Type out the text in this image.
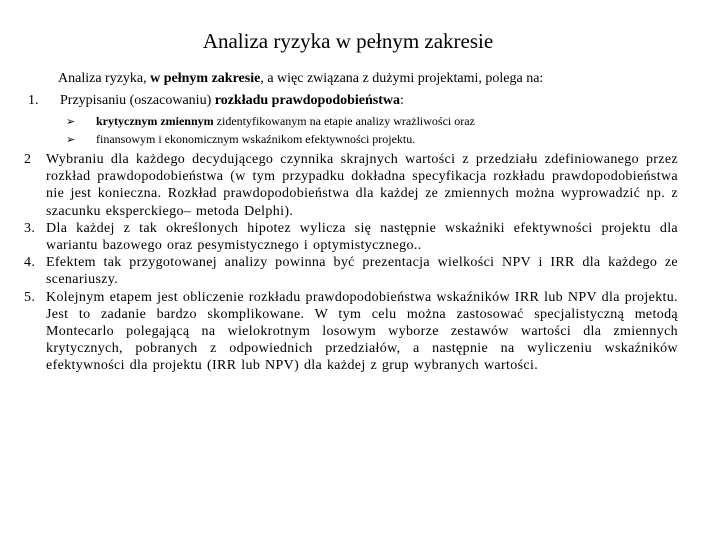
Analiza ryzyka w pełnym zakresie
Analiza ryzyka, w pełnym zakresie, a więc związana z dużymi projektami, polega na:
1. Przypisaniu (oszacowaniu) rozkładu prawdopodobieństwa:
➢ krytycznym zmiennym zidentyfikowanym na etapie analizy wrażliwości oraz
➢ finansowym i ekonomicznym wskaźnikom efektywności projektu.
2 Wybraniu dla każdego decydującego czynnika skrajnych wartości z przedziału zdefiniowanego przez rozkład prawdopodobieństwa (w tym przypadku dokładna specyfikacja rozkładu prawdopodobieństwa nie jest konieczna. Rozkład prawdopodobieństwa dla każdej ze zmiennych można wyprowadzić np. z szacunku eksperckiego– metoda Delphi).
3. Dla każdej z tak określonych hipotez wylicza się następnie wskaźniki efektywności projektu dla wariantu bazowego oraz pesymistycznego i optymistycznego..
4. Efektem tak przygotowanej analizy powinna być prezentacja wielkości NPV i IRR dla każdego ze scenariuszy.
5. Kolejnym etapem jest obliczenie rozkładu prawdopodobieństwa wskaźników IRR lub NPV dla projektu. Jest to zadanie bardzo skomplikowane. W tym celu można zastosować specjalistyczną metodą Montecarlo polegającą na wielokrotnym losowym wyborze zestawów wartości dla zmiennych krytycznych, pobranych z odpowiednich przedziałów, a następnie na wyliczeniu wskaźników efektywności dla projektu (IRR lub NPV) dla każdej z grup wybranych wartości.
